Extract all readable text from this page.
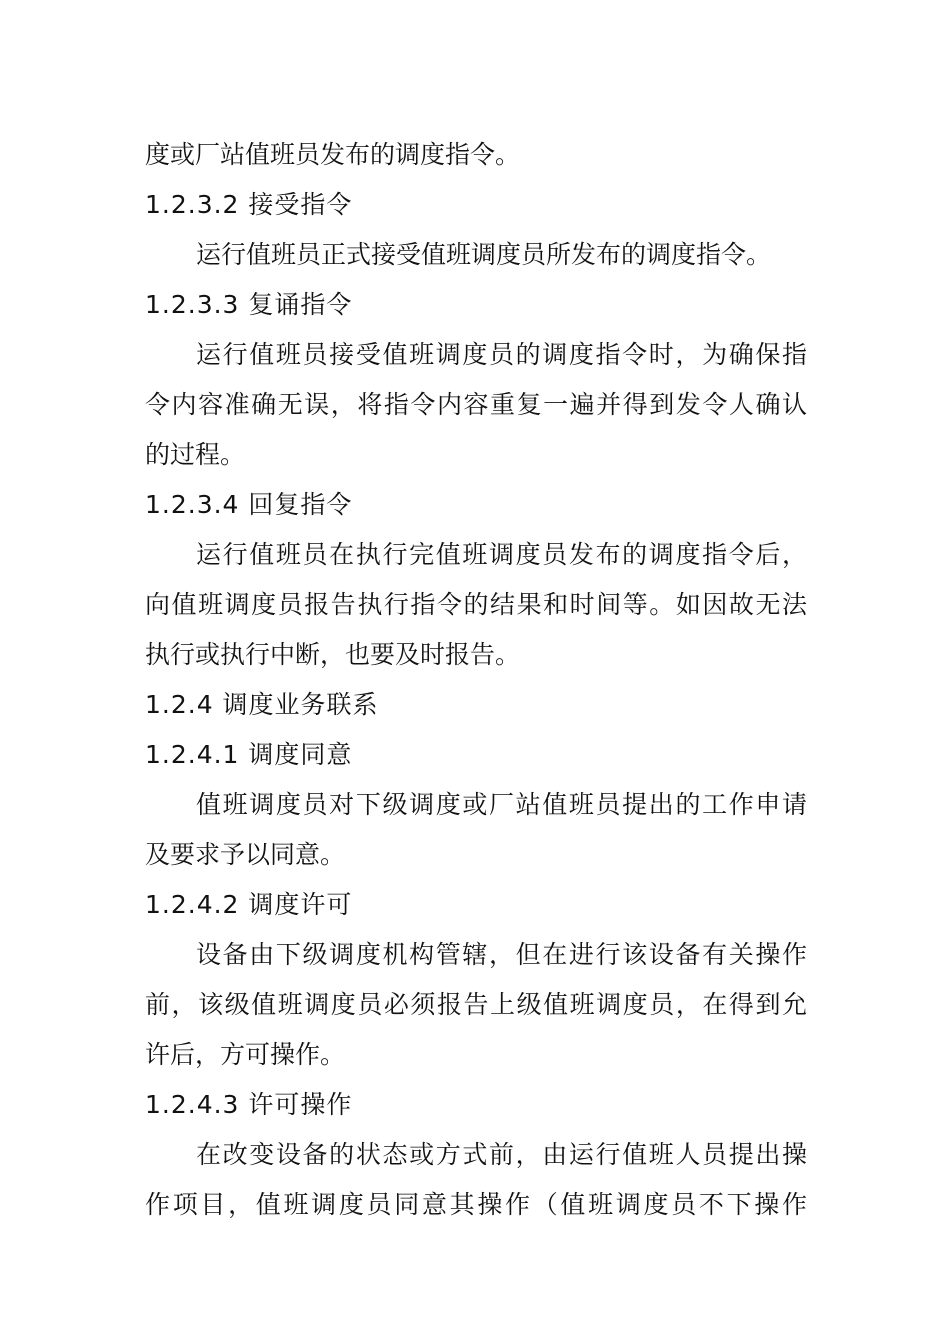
度或厂站值班员发布的调度指令。
1.2.3.2 接受指令
运行值班员正式接受值班调度员所发布的调度指令。
1.2.3.3 复诵指令
运行值班员接受值班调度员的调度指令时，为确保指
令内容准确无误，将指令内容重复一遍并得到发令人确认
的过程。
1.2.3.4 回复指令
运行值班员在执行完值班调度员发布的调度指令后，
向值班调度员报告执行指令的结果和时间等。如因故无法
执行或执行中断，也要及时报告。
1.2.4 调度业务联系
1.2.4.1 调度同意
值班调度员对下级调度或厂站值班员提出的工作申请
及要求予以同意。
1.2.4.2 调度许可
设备由下级调度机构管辖，但在进行该设备有关操作
前，该级值班调度员必须报告上级值班调度员，在得到允
许后，方可操作。
1.2.4.3 许可操作
在改变设备的状态或方式前，由运行值班人员提出操
作项目，值班调度员同意其操作（值班调度员不下操作
